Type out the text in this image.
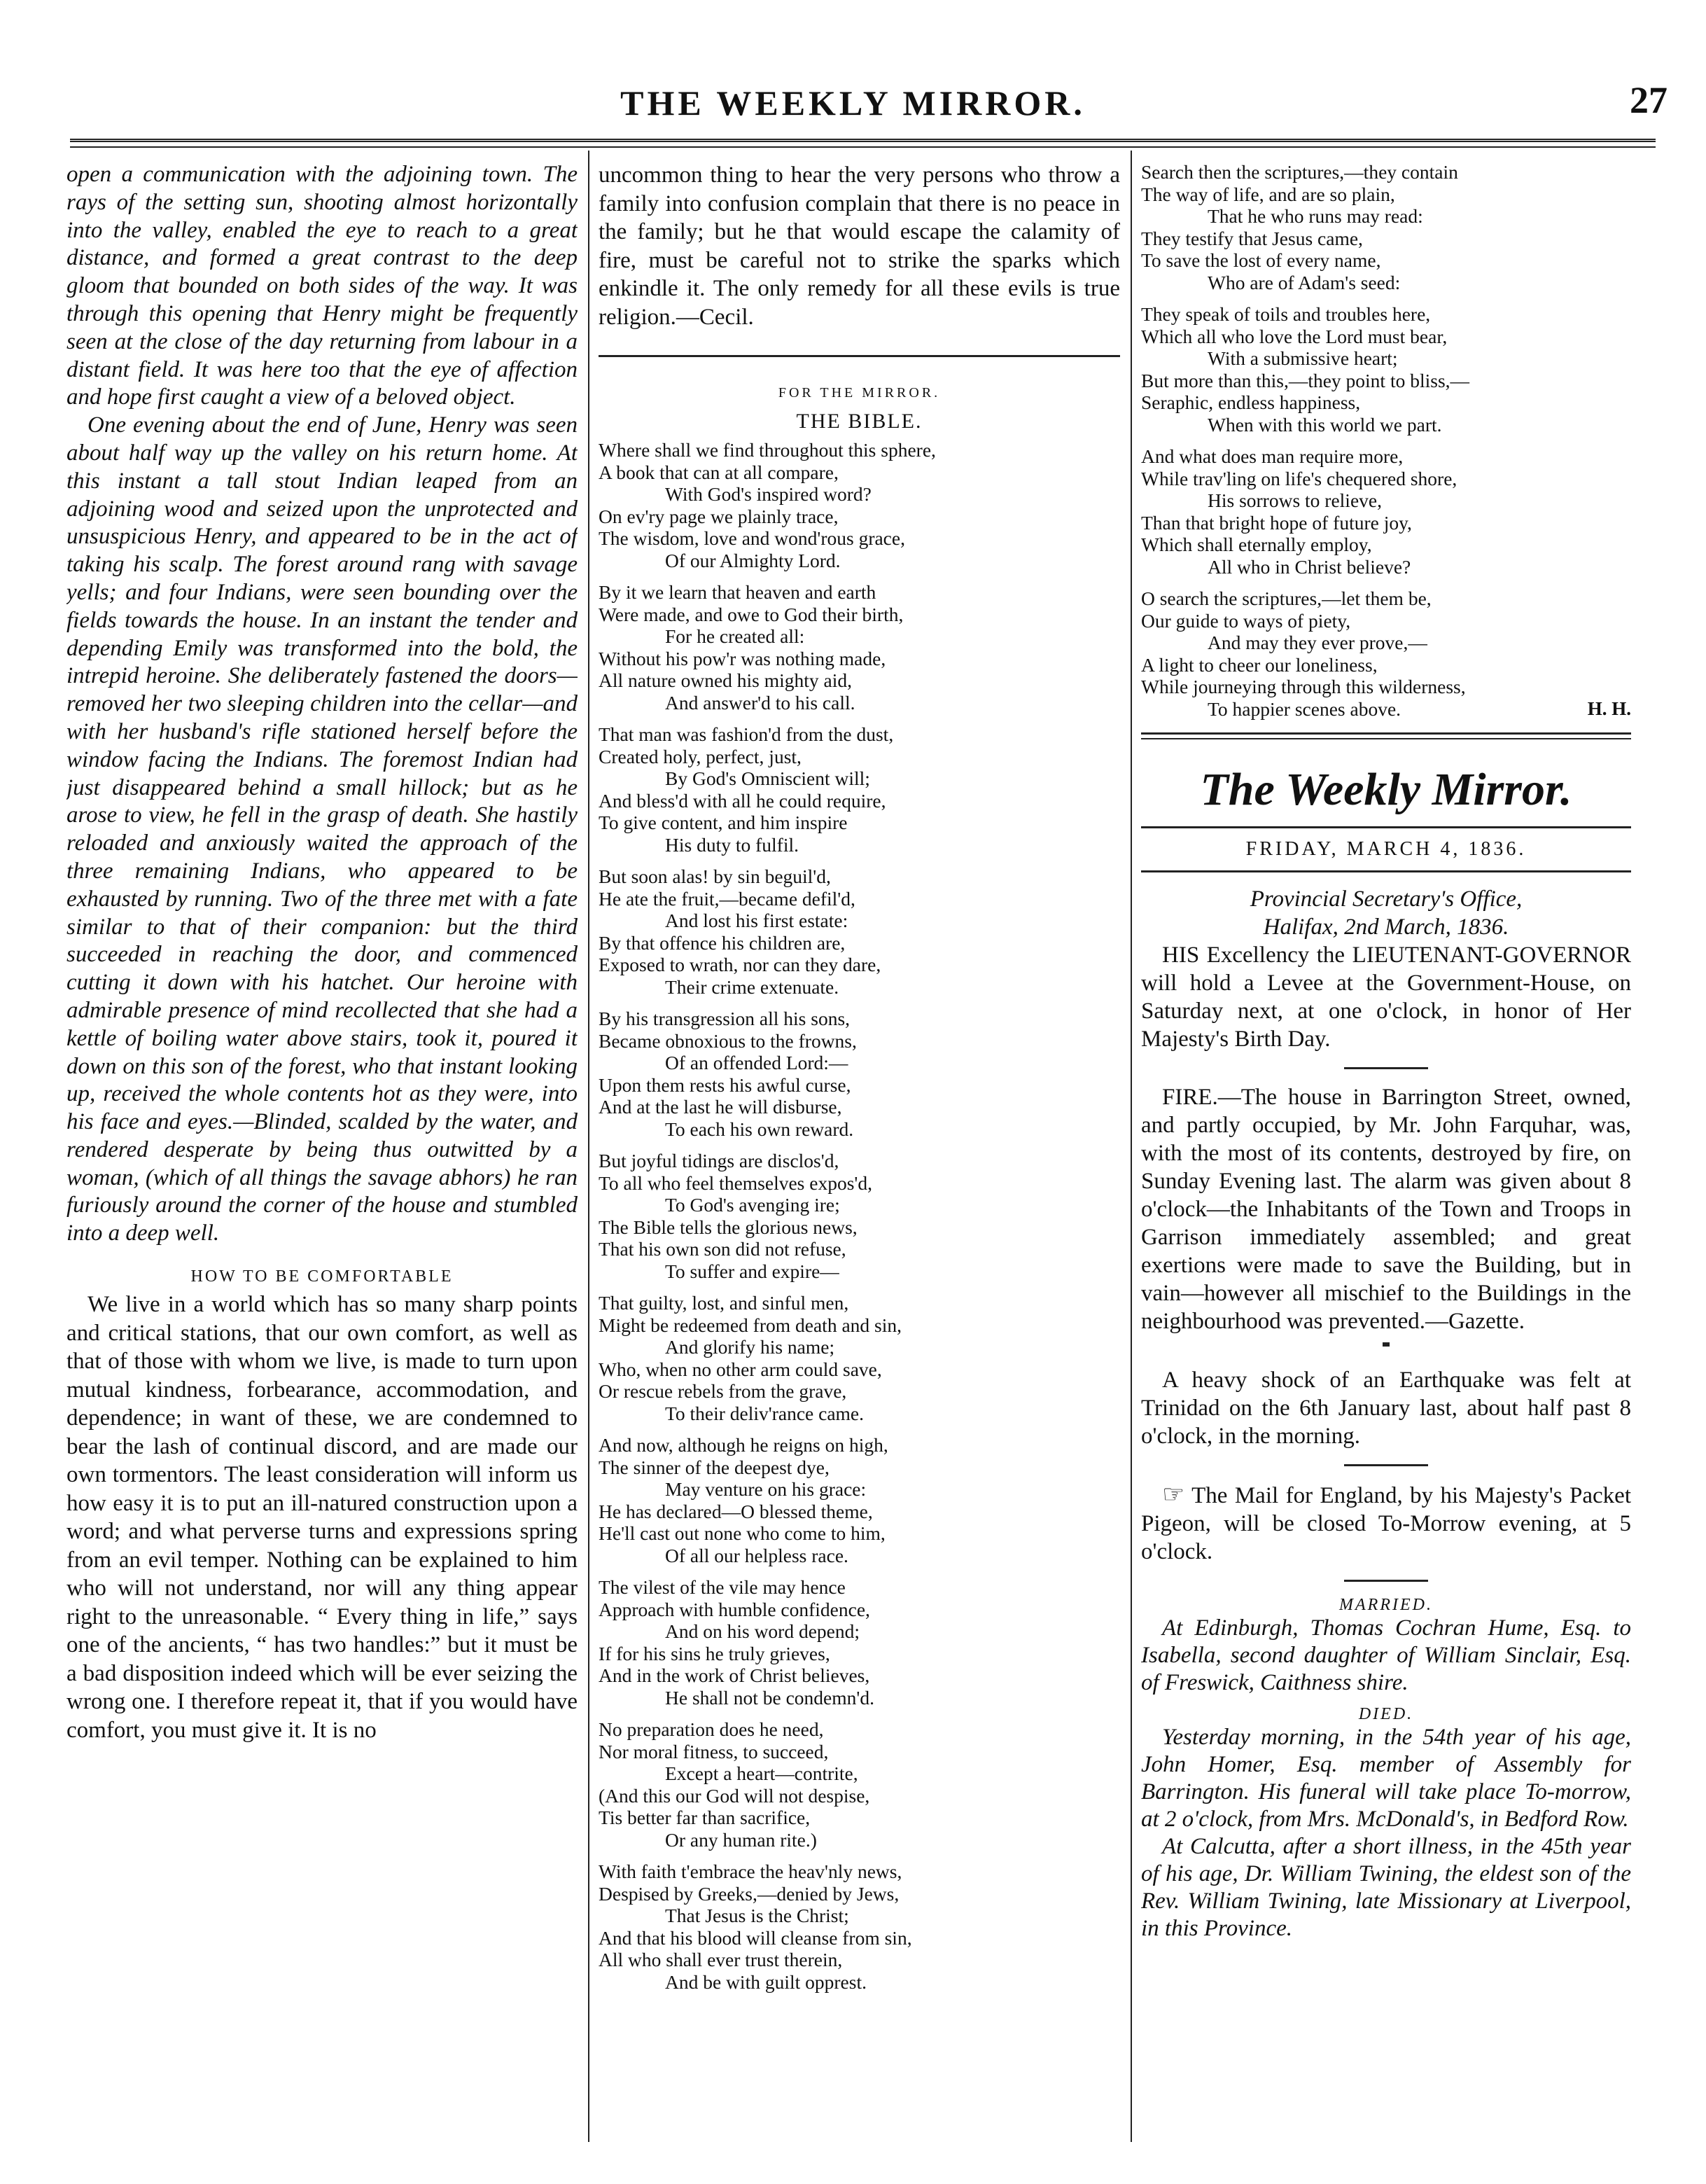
THE WEEKLY MIRROR.	27

open a communication with the adjoining town. The rays of the setting sun, shooting almost horizontally into the valley, enabled the eye to reach to a great distance, and formed a great contrast to the deep gloom that bounded on both sides of the way. It was through this opening that Henry might be frequently seen at the close of the day returning from labour in a distant field. It was here too that the eye of affection and hope first caught a view of a beloved object.

One evening about the end of June, Henry was seen about half way up the valley on his return home. At this instant a tall stout Indian leaped from an adjoining wood and seized upon the unprotected and unsuspicious Henry, and appeared to be in the act of taking his scalp. The forest around rang with savage yells; and four Indians, were seen bounding over the fields towards the house. In an instant the tender and depending Emily was transformed into the bold, the intrepid heroine. She deliberately fastened the doors—removed her two sleeping children into the cellar—and with her husband's rifle stationed herself before the window facing the Indians. The foremost Indian had just disappeared behind a small hillock; but as he arose to view, he fell in the grasp of death. She hastily reloaded and anxiously waited the approach of the three remaining Indians, who appeared to be exhausted by running. Two of the three met with a fate similar to that of their companion: but the third succeeded in reaching the door, and commenced cutting it down with his hatchet. Our heroine with admirable presence of mind recollected that she had a kettle of boiling water above stairs, took it, poured it down on this son of the forest, who that instant looking up, received the whole contents hot as they were, into his face and eyes.—Blinded, scalded by the water, and rendered desperate by being thus outwitted by a woman, (which of all things the savage abhors) he ran furiously around the corner of the house and stumbled into a deep well.

HOW TO BE COMFORTABLE

We live in a world which has so many sharp points and critical stations, that our own comfort, as well as that of those with whom we live, is made to turn upon mutual kindness, forbearance, accommodation, and dependence; in want of these, we are condemned to bear the lash of continual discord, and are made our own tormentors. The least consideration will inform us how easy it is to put an ill-natured construction upon a word; and what perverse turns and expressions spring from an evil temper. Nothing can be explained to him who will not understand, nor will any thing appear right to the unreasonable. “ Every thing in life,” says one of the ancients, “ has two handles:” but it must be a bad disposition indeed which will be ever seizing the wrong one. I therefore repeat it, that if you would have comfort, you must give it. It is no

uncommon thing to hear the very persons who throw a family into confusion complain that there is no peace in the family; but he that would escape the calamity of fire, must be careful not to strike the sparks which enkindle it. The only remedy for all these evils is true religion.—Cecil.

FOR THE MIRROR.
THE BIBLE.
Where shall we find throughout this sphere,
A book that can at all compare,
With God's inspired word?
On ev'ry page we plainly trace,
The wisdom, love and wond'rous grace,
Of our Almighty Lord.
By it we learn that heaven and earth
Were made, and owe to God their birth,
For he created all:
Without his pow'r was nothing made,
All nature owned his mighty aid,
And answer'd to his call.
That man was fashion'd from the dust,
Created holy, perfect, just,
By God's Omniscient will;
And bless'd with all he could require,
To give content, and him inspire
His duty to fulfil.
But soon alas! by sin beguil'd,
He ate the fruit,—became defil'd,
And lost his first estate:
By that offence his children are,
Exposed to wrath, nor can they dare,
Their crime extenuate.
By his transgression all his sons,
Became obnoxious to the frowns,
Of an offended Lord:—
Upon them rests his awful curse,
And at the last he will disburse,
To each his own reward.
But joyful tidings are disclos'd,
To all who feel themselves expos'd,
To God's avenging ire;
The Bible tells the glorious news,
That his own son did not refuse,
To suffer and expire—
That guilty, lost, and sinful men,
Might be redeemed from death and sin,
And glorify his name;
Who, when no other arm could save,
Or rescue rebels from the grave,
To their deliv'rance came.
And now, although he reigns on high,
The sinner of the deepest dye,
May venture on his grace:
He has declared—O blessed theme,
He'll cast out none who come to him,
Of all our helpless race.
The vilest of the vile may hence
Approach with humble confidence,
And on his word depend;
If for his sins he truly grieves,
And in the work of Christ believes,
He shall not be condemn'd.
No preparation does he need,
Nor moral fitness, to succeed,
Except a heart—contrite,
(And this our God will not despise,
Tis better far than sacrifice,
Or any human rite.)
With faith t'embrace the heav'nly news,
Despised by Greeks,—denied by Jews,
That Jesus is the Christ;
And that his blood will cleanse from sin,
All who shall ever trust therein,
And be with guilt opprest.
Search then the scriptures,—they contain
The way of life, and are so plain,
That he who runs may read:
They testify that Jesus came,
To save the lost of every name,
Who are of Adam's seed:
They speak of toils and troubles here,
Which all who love the Lord must bear,
With a submissive heart;
But more than this,—they point to bliss,—
Seraphic, endless happiness,
When with this world we part.
And what does man require more,
While trav'ling on life's chequered shore,
His sorrows to relieve,
Than that bright hope of future joy,
Which shall eternally employ,
All who in Christ believe?
O search the scriptures,—let them be,
Our guide to ways of piety,
And may they ever prove,—
A light to cheer our loneliness,
While journeying through this wilderness,
To happier scenes above.	H. H.
The Weekly Mirror.
FRIDAY, MARCH 4, 1836.

Provincial Secretary's Office,

Halifax, 2nd March, 1836.

HIS Excellency the LIEUTENANT-GOVERNOR will hold a Levee at the Government-House, on Saturday next, at one o'clock, in honor of Her Majesty's Birth Day.

FIRE.—The house in Barrington Street, owned, and partly occupied, by Mr. John Farquhar, was, with the most of its contents, destroyed by fire, on Sunday Evening last. The alarm was given about 8 o'clock—the Inhabitants of the Town and Troops in Garrison immediately assembled; and great exertions were made to save the Building, but in vain—however all mischief to the Buildings in the neighbourhood was prevented.—Gazette.

A heavy shock of an Earthquake was felt at Trinidad on the 6th January last, about half past 8 o'clock, in the morning.

☞ The Mail for England, by his Majesty's Packet Pigeon, will be closed To-Morrow evening, at 5 o'clock.

MARRIED.

At Edinburgh, Thomas Cochran Hume, Esq. to Isabella, second daughter of William Sinclair, Esq. of Freswick, Caithness shire.

DIED.

Yesterday morning, in the 54th year of his age, John Homer, Esq. member of Assembly for Barrington. His funeral will take place To-morrow, at 2 o'clock, from Mrs. McDonald's, in Bedford Row.

At Calcutta, after a short illness, in the 45th year of his age, Dr. William Twining, the eldest son of the Rev. William Twining, late Missionary at Liverpool, in this Province.
